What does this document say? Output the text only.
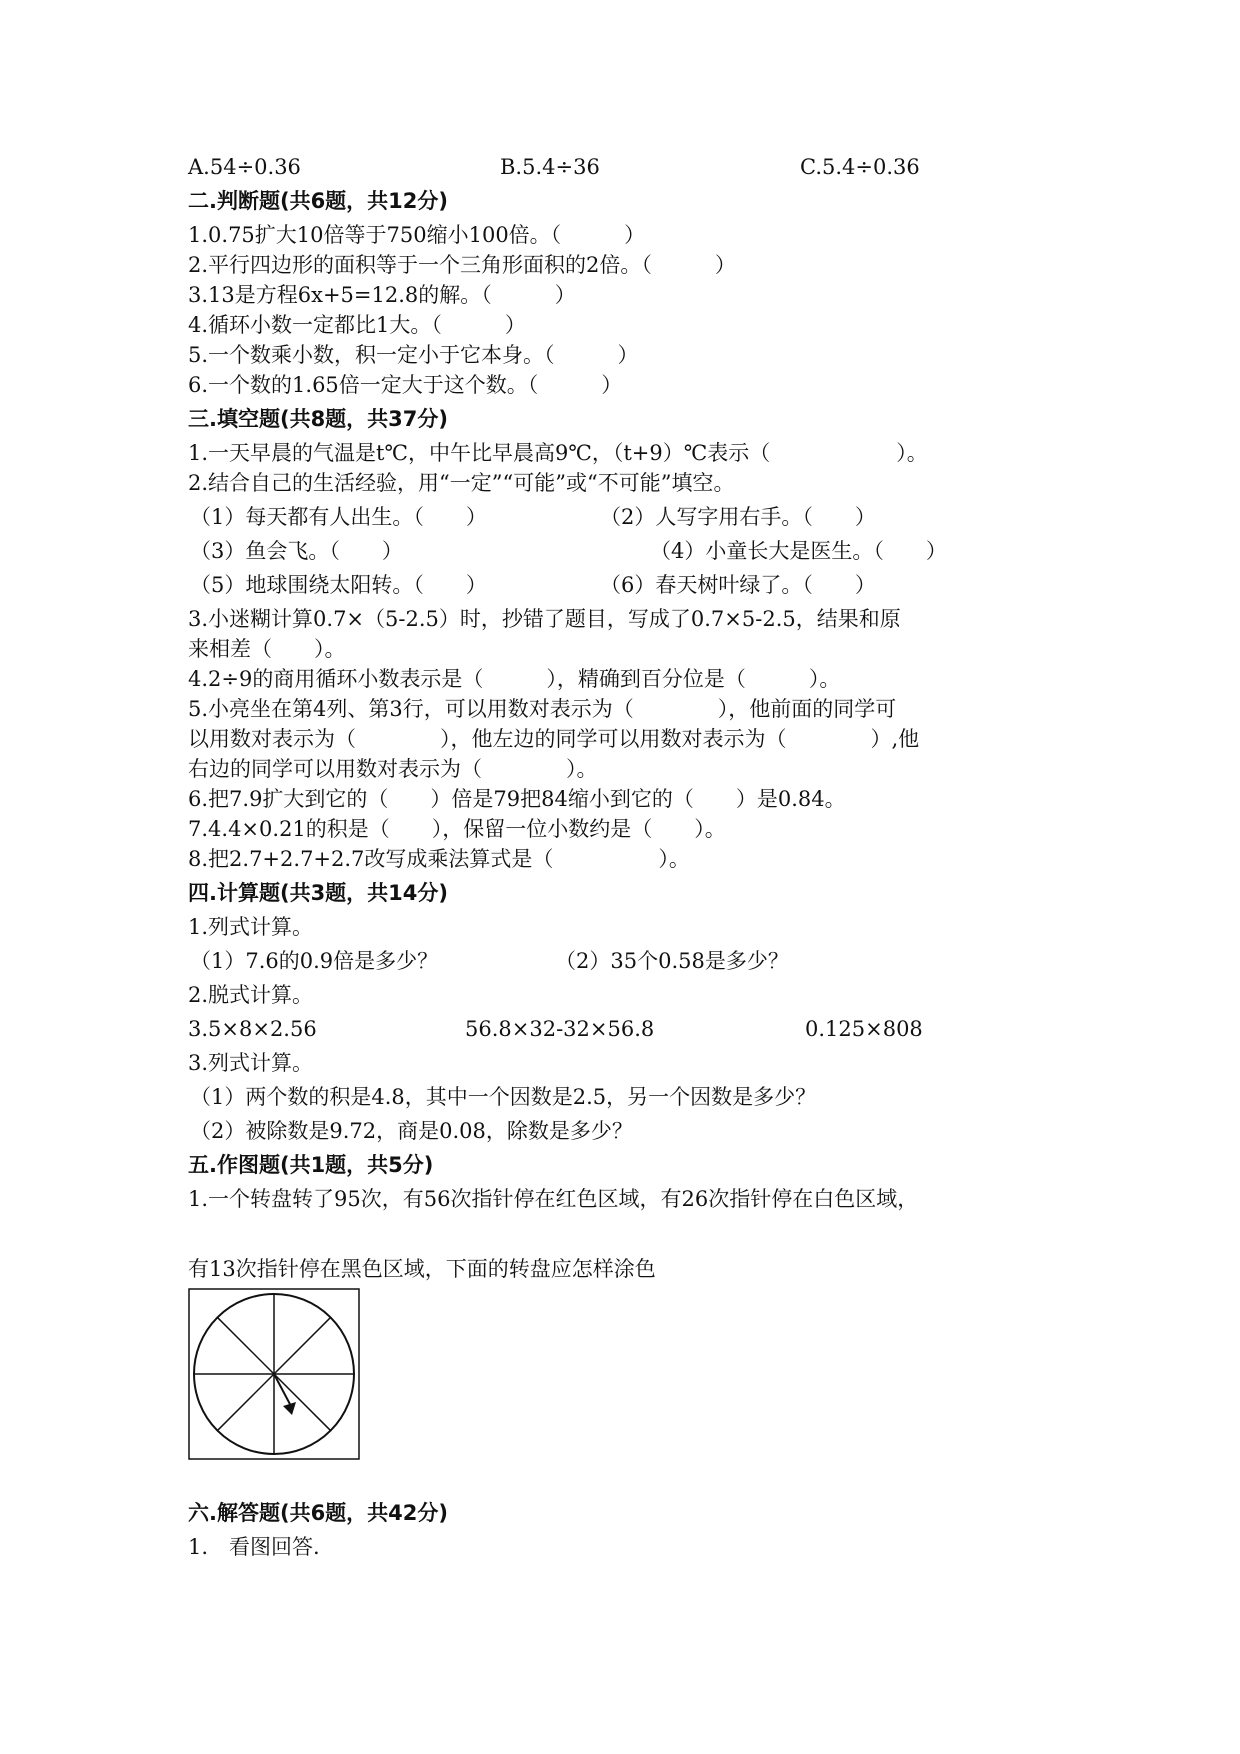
A.54÷0.36	B.5.4÷36	C.5.4÷0.36
二.判断题(共6题，共12分)
1.0.75扩大10倍等于750缩小100倍。（　　　）
2.平行四边形的面积等于一个三角形面积的2倍。（　　　）
3.13是方程6x+5=12.8的解。（　　　）
4.循环小数一定都比1大。（　　　）
5.一个数乘小数，积一定小于它本身。（　　　）
6.一个数的1.65倍一定大于这个数。（　　　）
三.填空题(共8题，共37分)
1.一天早晨的气温是t℃，中午比早晨高9℃，（t+9）℃表示（　　　　　　）。
2.结合自己的生活经验，用“一定”“可能”或“不可能”填空。
（1）每天都有人出生。（　　）	（2）人写字用右手。（　　）
（3）鱼会飞。（　　）	（4）小童长大是医生。（　　）
（5）地球围绕太阳转。（　　）	（6）春天树叶绿了。（　　）
3.小迷糊计算0.7×（5-2.5）时，抄错了题目，写成了0.7×5-2.5，结果和原
来相差（　　）。
4.2÷9的商用循环小数表示是（　　　），精确到百分位是（　　　）。
5.小亮坐在第4列、第3行，可以用数对表示为（　　　　），他前面的同学可
以用数对表示为（　　　　），他左边的同学可以用数对表示为（　　　　）,他
右边的同学可以用数对表示为（　　　　）。
6.把7.9扩大到它的（　　）倍是79把84缩小到它的（　　）是0.84。
7.4.4×0.21的积是（　　），保留一位小数约是（　　）。
8.把2.7+2.7+2.7改写成乘法算式是（　　　　　）。
四.计算题(共3题，共14分)
1.列式计算。
（1）7.6的0.9倍是多少？	（2）35个0.58是多少？
2.脱式计算。
3.5×8×2.56	56.8×32-32×56.8	0.125×808
3.列式计算。
（1）两个数的积是4.8，其中一个因数是2.5，另一个因数是多少？
（2）被除数是9.72，商是0.08，除数是多少？
五.作图题(共1题，共5分)
1.一个转盘转了95次，有56次指针停在红色区域，有26次指针停在白色区域，
有13次指针停在黑色区域，下面的转盘应怎样涂色
六.解答题(共6题，共42分)
1.　看图回答.
